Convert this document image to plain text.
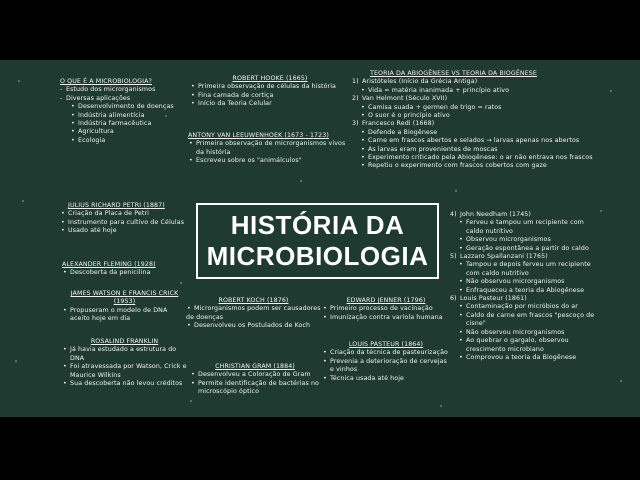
O QUE É A MICROBIOLOGIA?
- Estudo dos microrganismos
- Diversas aplicações
• Desenvolvimento de doenças
• Indústria alimentícia
• Indústria farmacêutica
• Agricultura
• Ecologia
ROBERT HOOKE (1665)
• Primeira observação de células da história
• Fina camada de cortiça
• Início da Teoria Celular
ANTONY VAN LEEUWENHOEK (1673 - 1723)
• Primeira observação de microrganismos vivos da história
• Escreveu sobre os "animálculos"
TEORIA DA ABIOGÊNESE VS TEORIA DA BIOGÊNESE
1) Aristóteles (Início da Grécia Antiga)
• Vida = matéria inanimada + princípio ativo
2) Van Helmont (Século XVII)
• Camisa suada + germen de trigo = ratos
• O suor é o princípio ativo
3) Francesco Redi (1668)
• Defende a Biogênese
• Carne em frascos abertos e selados → larvas apenas nos abertos
• As larvas eram provenientes de moscas
• Experimento criticado pela Abiogênese: o ar não entrava nos frascos
• Repetiu o experimento com frascos cobertos com gaze
JULIUS RICHARD PETRI (1887)
• Criação da Placa de Petri
• Instrumento para cultivo de Células
• Usado até hoje
ALEXANDER FLEMING (1928)
• Descoberta da penicilina
JAMES WATSON E FRANCIS CRICK (1953)
• Propuseram o modelo de DNA aceito hoje em dia
ROSALIND FRANKLIN
• Já havia estudado a estrutura do DNA
• Foi atravessada por Watson, Crick e Maurice Wilkins
• Sua descoberta não levou créditos
HISTÓRIA DA
MICROBIOLOGIA
ROBERT KOCH (1876)
• Microrganismos podem ser causadores
de doenças
• Desenvolveu os Postulados de Koch
CHRISTIAN GRAM (1884)
• Desenvolveu a Coloração de Gram
• Permite identificação de bactérias no microscópio óptico
EDWARD JENNER (1796)
• Primeiro processo de vacinação
• Imunização contra varíola humana
LOUIS PASTEUR (1864)
• Criação da técnica de pasteurização
• Prevenia a deterioração de cervejas e vinhos
• Técnica usada até hoje
4) John Needham (1745)
• Ferveu e tampou um recipiente com caldo nutritivo
• Observou microrganismos
• Geração espontânea a partir do caldo
5) Lazzaro Spallanzani (1765)
• Tampou e depois ferveu um recipiente com caldo nutritivo
• Não observou microrganismos
• Enfraqueceu a teoria da Abiogênese
6) Louis Pasteur (1861)
• Contaminação por micróbios do ar
• Caldo de carne em frascos "pescoço de cisne"
• Não observou microrganismos
• Ao quebrar o gargalo, observou crescimento microbiano
• Comprovou a teoria da Biogênese
